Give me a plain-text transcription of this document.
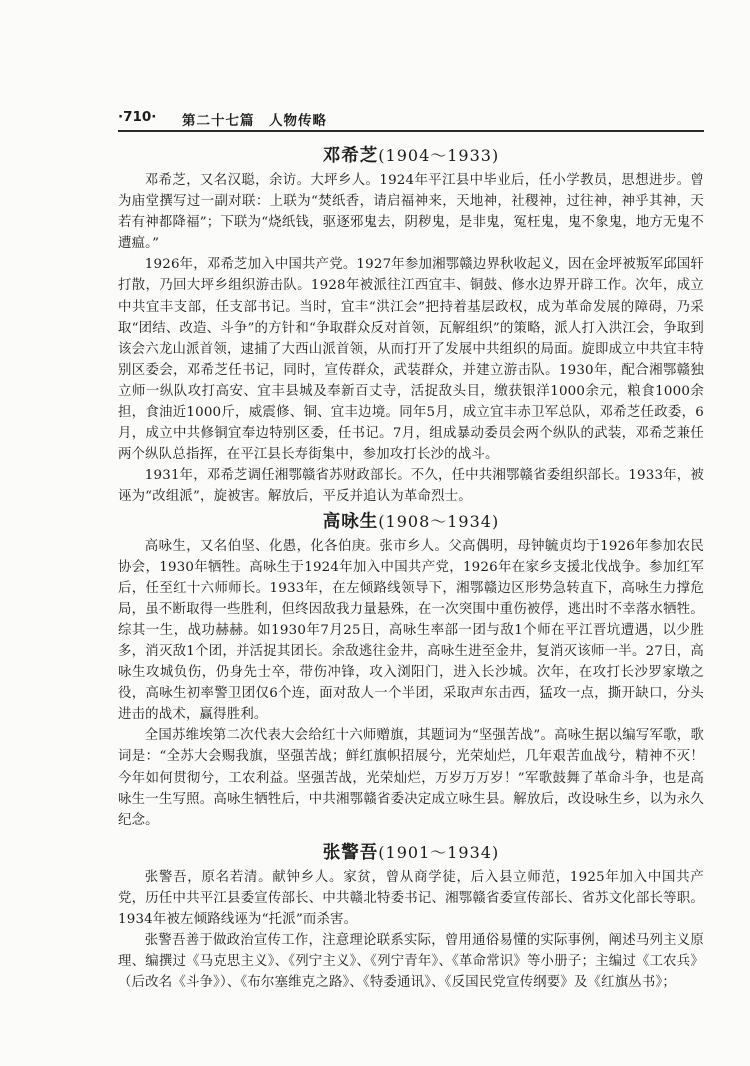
·710· 第二十七篇　人物传略
邓希芝(1904～1933)

邓希芝，又名汉聪，余访。大坪乡人。1924年平江县中毕业后，任小学教员，思想进步。曾为庙堂撰写过一副对联：上联为“焚纸香，请启福神来，天地神，社稷神，过往神，神乎其神，天若有神都降福”；下联为“烧纸钱，驱逐邪鬼去，阴秽鬼，是非鬼，冤枉鬼，鬼不象鬼，地方无鬼不遭瘟。”

1926年，邓希芝加入中国共产党。1927年参加湘鄂赣边界秋收起义，因在金坪被叛军邱国轩打散，乃回大坪乡组织游击队。1928年被派往江西宜丰、铜鼓、修水边界开辟工作。次年，成立中共宜丰支部，任支部书记。当时，宜丰“洪江会”把持着基层政权，成为革命发展的障碍，乃采取“团结、改造、斗争”的方针和“争取群众反对首领，瓦解组织”的策略，派人打入洪江会，争取到该会六龙山派首领，逮捕了大西山派首领，从而打开了发展中共组织的局面。旋即成立中共宜丰特别区委会，邓希芝任书记，同时，宣传群众，武装群众，并建立游击队。1930年，配合湘鄂赣独立师一纵队攻打高安、宜丰县城及奉新百丈寺，活捉敌头目，缴获银洋1000余元，粮食1000余担，食油近1000斤，威震修、铜、宜丰边境。同年5月，成立宜丰赤卫军总队，邓希芝任政委，6月，成立中共修铜宜奉边特别区委，任书记。7月，组成暴动委员会两个纵队的武装，邓希芝兼任两个纵队总指挥，在平江县长寿街集中，参加攻打长沙的战斗。

1931年，邓希芝调任湘鄂赣省苏财政部长。不久，任中共湘鄂赣省委组织部长。1933年，被诬为“改组派”，旋被害。解放后，平反并追认为革命烈士。

高咏生(1908～1934)

高咏生，又名伯坚、化愚，化各伯庚。张市乡人。父高偶明，母钟毓贞均于1926年参加农民协会，1930年牺牲。高咏生于1924年加入中国共产党，1926年在家乡支援北伐战争。参加红军后，任至红十六师师长。1933年，在左倾路线领导下，湘鄂赣边区形势急转直下，高咏生力撑危局，虽不断取得一些胜利，但终因敌我力量悬殊，在一次突围中重伤被俘，逃出时不幸落水牺牲。综其一生，战功赫赫。如1930年7月25日，高咏生率部一团与敌1个师在平江晋坑遭遇，以少胜多，消灭敌1个团，并活捉其团长。余敌逃往金井，高咏生进至金井，复消灭该师一半。27日，高咏生攻城负伤，仍身先士卒，带伤冲锋，攻入浏阳门，进入长沙城。次年，在攻打长沙罗家墩之役，高咏生初率警卫团仅6个连，面对敌人一个半团，采取声东击西，猛攻一点，撕开缺口，分头进击的战术，赢得胜利。

全国苏维埃第二次代表大会给红十六师赠旗，其题词为“坚强苦战”。高咏生据以编写军歌，歌词是：“全苏大会赐我旗，坚强苦战；鲜红旗帜招展兮，光荣灿烂，几年艰苦血战兮，精神不灭！今年如何贯彻兮，工农利益。坚强苦战，光荣灿烂，万岁万万岁！”军歌鼓舞了革命斗争，也是高咏生一生写照。高咏生牺牲后，中共湘鄂赣省委决定成立咏生县。解放后，改设咏生乡，以为永久纪念。

张警吾(1901～1934)

张警吾，原名若清。献钟乡人。家贫，曾从商学徒，后入县立师范，1925年加入中国共产党，历任中共平江县委宣传部长、中共赣北特委书记、湘鄂赣省委宣传部长、省苏文化部长等职。1934年被左倾路线诬为“托派”而杀害。

张警吾善于做政治宣传工作，注意理论联系实际，曾用通俗易懂的实际事例，阐述马列主义原理、编撰过《马克思主义》、《列宁主义》、《列宁青年》、《革命常识》等小册子；主编过《工农兵》（后改名《斗争》）、《布尔塞维克之路》、《特委通讯》、《反国民党宣传纲要》及《红旗丛书》；
